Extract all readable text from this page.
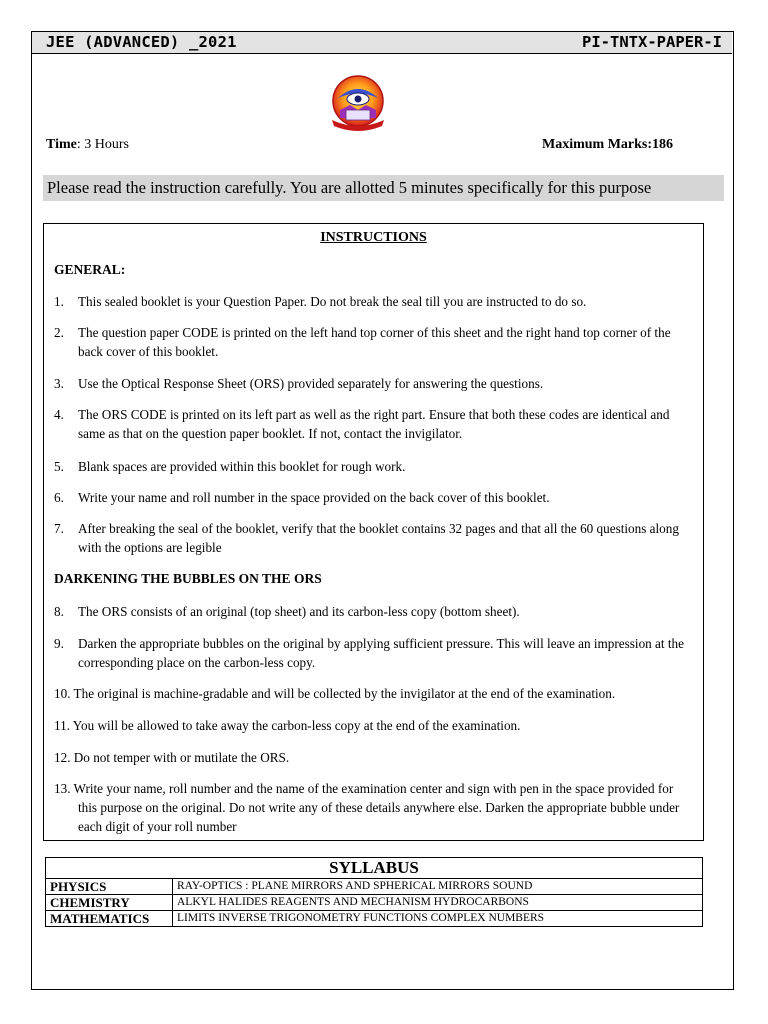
JEE (ADVANCED) _2021	PI-TNTX-PAPER-I
Time: 3 Hours	Maximum Marks:186
Please read the instruction carefully. You are allotted 5 minutes specifically for this purpose
INSTRUCTIONS
GENERAL:
1.	This sealed booklet is your Question Paper. Do not break the seal till you are instructed to do so.
2.	The question paper CODE is printed on the left hand top corner of this sheet and the right hand top corner of the back cover of this booklet.
3.	Use the Optical Response Sheet (ORS) provided separately for answering the questions.
4.	The ORS CODE is printed on its left part as well as the right part. Ensure that both these codes are identical and same as that on the question paper booklet. If not, contact the invigilator.
5.	Blank spaces are provided within this booklet for rough work.
6.	Write your name and roll number in the space provided on the back cover of this booklet.
7.	After breaking the seal of the booklet, verify that the booklet contains 32 pages and that all the 60 questions along with the options are legible
DARKENING THE BUBBLES ON THE ORS
8.	The ORS consists of an original (top sheet) and its carbon-less copy (bottom sheet).
9.	Darken the appropriate bubbles on the original by applying sufficient pressure. This will leave an impression at the corresponding place on the carbon-less copy.
10. The original is machine-gradable and will be collected by the invigilator at the end of the examination.
11. You will be allowed to take away the carbon-less copy at the end of the examination.
12. Do not temper with or mutilate the ORS.
13. Write your name, roll number and the name of the examination center and sign with pen in the space provided for this purpose on the original. Do not write any of these details anywhere else. Darken the appropriate bubble under each digit of your roll number
SYLLABUS	
PHYSICS	RAY-OPTICS : PLANE MIRRORS AND SPHERICAL MIRRORS SOUND
CHEMISTRY	ALKYL HALIDES REAGENTS AND MECHANISM HYDROCARBONS
MATHEMATICS	LIMITS INVERSE TRIGONOMETRY FUNCTIONS COMPLEX NUMBERS
